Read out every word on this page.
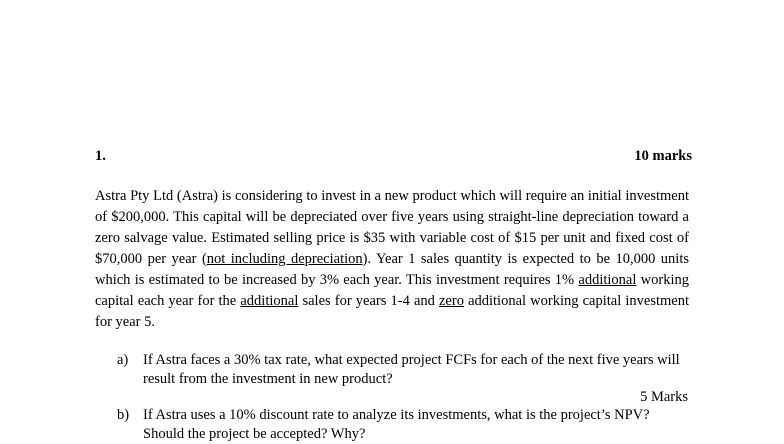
1.	10 marks
Astra Pty Ltd (Astra) is considering to invest in a new product which will require an initial investment of $200,000. This capital will be depreciated over five years using straight-line depreciation toward a zero salvage value. Estimated selling price is $35 with variable cost of $15 per unit and fixed cost of $70,000 per year (not including depreciation). Year 1 sales quantity is expected to be 10,000 units which is estimated to be increased by 3% each year. This investment requires 1% additional working capital each year for the additional sales for years 1-4 and zero additional working capital investment for year 5.
a) If Astra faces a 30% tax rate, what expected project FCFs for each of the next five years will result from the investment in new product?
5 Marks
b) If Astra uses a 10% discount rate to analyze its investments, what is the project’s NPV? Should the project be accepted? Why?
